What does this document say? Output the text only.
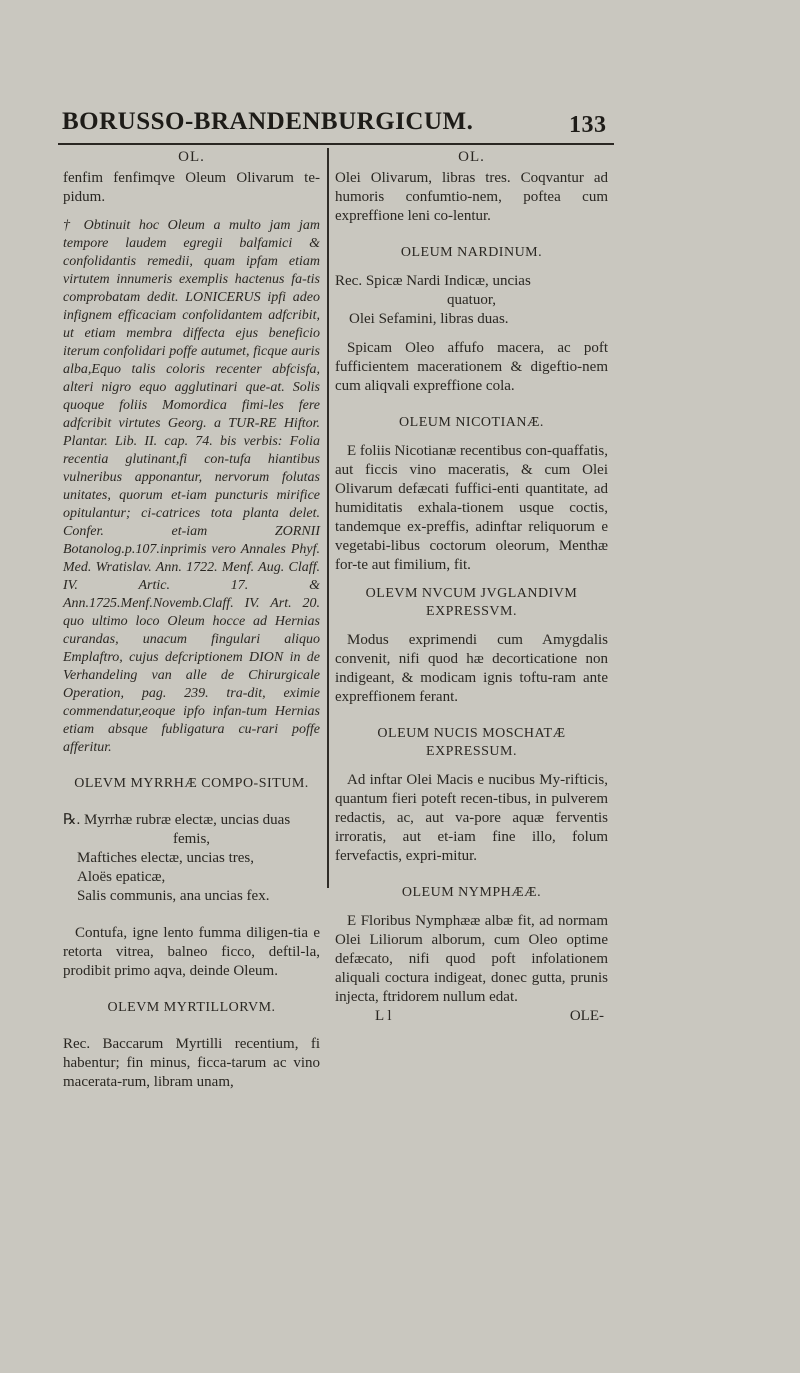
BORUSSO-BRANDENBURGICUM.	133
OL.

fenfim fenfimqve Oleum Olivarum te-pidum.

† Obtinuit hoc Oleum a multo jam jam tempore laudem egregii balfamici & confolidantis remedii, quam ipfam etiam virtutem innumeris exemplis hactenus fa-tis comprobatam dedit. LONICERUS ipfi adeo infignem efficaciam confolidantem adfcribit, ut etiam membra diffecta ejus beneficio iterum confolidari poffe autumet, ficque auris alba,Equo talis coloris recenter abfcisfa, alteri nigro equo agglutinari que-at. Solis quoque foliis Momordica fimi-les fere adfcribit virtutes Georg. a TUR-RE Hiftor. Plantar. Lib. II. cap. 74. bis verbis: Folia recentia glutinant,fi con-tufa hiantibus vulneribus apponantur, nervorum folutas unitates, quorum et-iam puncturis mirifice opitulantur; ci-catrices tota planta delet. Confer. et-iam ZORNII Botanolog.p.107.inprimis vero Annales Phyf. Med. Wratislav. Ann. 1722. Menf. Aug. Claff. IV. Artic. 17. & Ann.1725.Menf.Novemb.Claff. IV. Art. 20. quo ultimo loco Oleum hocce ad Hernias curandas, unacum fingulari aliquo Emplaftro, cujus defcriptionem DION in de Verhandeling van alle de Chirurgicale Operation, pag. 239. tra-dit, eximie commendatur,eoque ipfo infan-tum Hernias etiam absque fubligatura cu-rari poffe afferitur.

OLEVM MYRRHÆ COMPO-SITUM.
℞. Myrrhæ rubræ electæ, uncias duas
femis,
Maftiches electæ, uncias tres,
Aloës epaticæ,
Salis communis, ana uncias fex.

Contufa, igne lento fumma diligen-tia e retorta vitrea, balneo ficco, deftil-la, prodibit primo aqva, deinde Oleum.

OLEVM MYRTILLORVM.

Rec. Baccarum Myrtilli recentium, fi habentur; fin minus, ficca-tarum ac vino macerata-rum, libram unam,

OL.

Olei Olivarum, libras tres. Coqvantur ad humoris confumtio-nem, poftea cum expreffione leni co-lentur.

OLEUM NARDINUM.
Rec. Spicæ Nardi Indicæ, uncias
quatuor,
Olei Sefamini, libras duas.

Spicam Oleo affufo macera, ac poft fufficientem macerationem & digeftio-nem cum aliqvali expreffione cola.

OLEUM NICOTIANÆ.

E foliis Nicotianæ recentibus con-quaffatis, aut ficcis vino maceratis, & cum Olei Olivarum defæcati fuffici-enti quantitate, ad humiditatis exhala-tionem usque coctis, tandemque ex-preffis, adinftar reliquorum e vegetabi-libus coctorum oleorum, Menthæ for-te aut fimilium, fit.

OLEVM NVCUM JVGLANDIVM EXPRESSVM.

Modus exprimendi cum Amygdalis convenit, nifi quod hæ decorticatione non indigeant, & modicam ignis toftu-ram ante expreffionem ferant.

OLEUM NUCIS MOSCHATÆ EXPRESSUM.

Ad inftar Olei Macis e nucibus My-rifticis, quantum fieri poteft recen-tibus, in pulverem redactis, ac, aut va-pore aquæ ferventis irroratis, aut et-iam fine illo, folum fervefactis, expri-mitur.

OLEUM NYMPHÆÆ.

E Floribus Nymphææ albæ fit, ad normam Olei Liliorum alborum, cum Oleo optime defæcato, nifi quod poft infolationem aliquali coctura indigeat, donec gutta, prunis injecta, ftridorem nullum edat.

L l	OLE-
